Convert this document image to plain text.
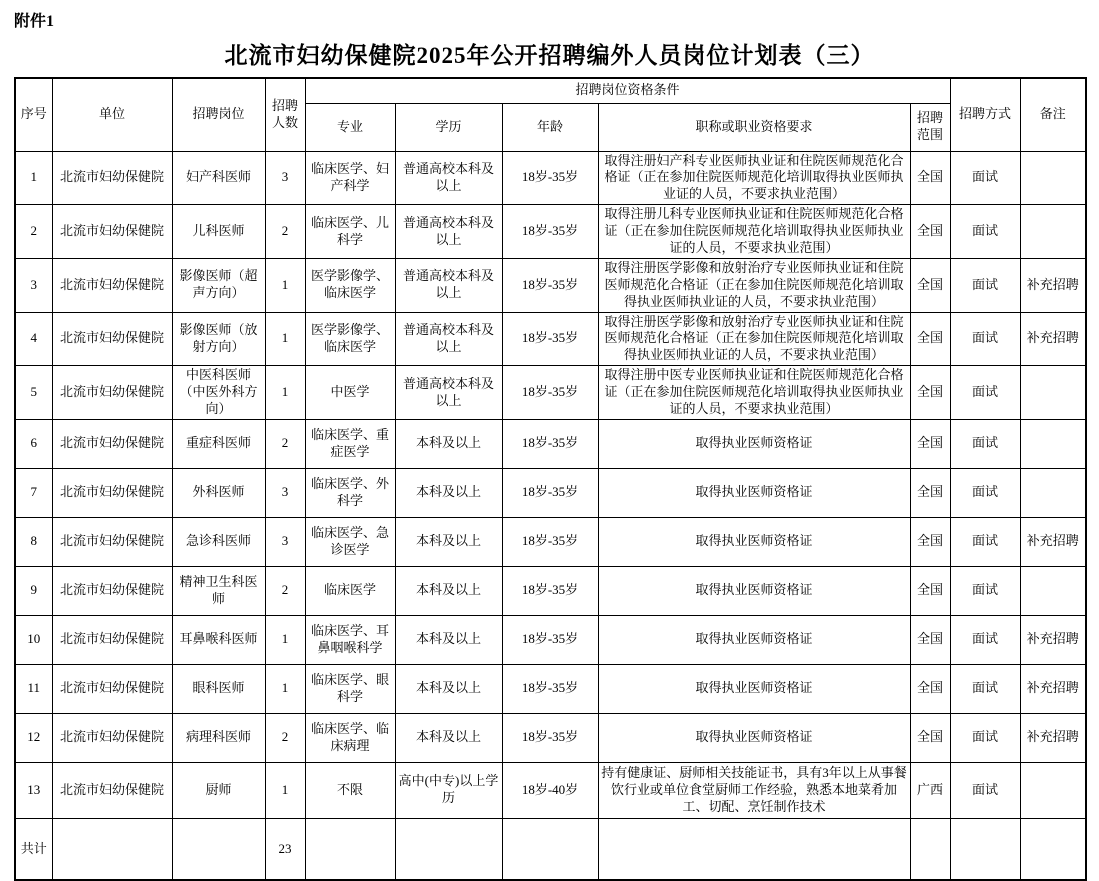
附件1
北流市妇幼保健院2025年公开招聘编外人员岗位计划表（三）
序号	单位	招聘岗位	招聘人数	招聘岗位资格条件					招聘方式	备注
				专业	学历	年龄	职称或职业资格要求	招聘范围		
1	北流市妇幼保健院	妇产科医师	3	临床医学、妇产科学	普通高校本科及以上	18岁-35岁	取得注册妇产科专业医师执业证和住院医师规范化合格证（正在参加住院医师规范化培训取得执业医师执业证的人员，不要求执业范围）	全国	面试	
2	北流市妇幼保健院	儿科医师	2	临床医学、儿科学	普通高校本科及以上	18岁-35岁	取得注册儿科专业医师执业证和住院医师规范化合格证（正在参加住院医师规范化培训取得执业医师执业证的人员，不要求执业范围）	全国	面试	
3	北流市妇幼保健院	影像医师（超声方向）	1	医学影像学、临床医学	普通高校本科及以上	18岁-35岁	取得注册医学影像和放射治疗专业医师执业证和住院医师规范化合格证（正在参加住院医师规范化培训取得执业医师执业证的人员，不要求执业范围）	全国	面试	补充招聘
4	北流市妇幼保健院	影像医师（放射方向）	1	医学影像学、临床医学	普通高校本科及以上	18岁-35岁	取得注册医学影像和放射治疗专业医师执业证和住院医师规范化合格证（正在参加住院医师规范化培训取得执业医师执业证的人员，不要求执业范围）	全国	面试	补充招聘
5	北流市妇幼保健院	中医科医师（中医外科方向）	1	中医学	普通高校本科及以上	18岁-35岁	取得注册中医专业医师执业证和住院医师规范化合格证（正在参加住院医师规范化培训取得执业医师执业证的人员，不要求执业范围）	全国	面试	
6	北流市妇幼保健院	重症科医师	2	临床医学、重症医学	本科及以上	18岁-35岁	取得执业医师资格证	全国	面试	
7	北流市妇幼保健院	外科医师	3	临床医学、外科学	本科及以上	18岁-35岁	取得执业医师资格证	全国	面试	
8	北流市妇幼保健院	急诊科医师	3	临床医学、急诊医学	本科及以上	18岁-35岁	取得执业医师资格证	全国	面试	补充招聘
9	北流市妇幼保健院	精神卫生科医师	2	临床医学	本科及以上	18岁-35岁	取得执业医师资格证	全国	面试	
10	北流市妇幼保健院	耳鼻喉科医师	1	临床医学、耳鼻咽喉科学	本科及以上	18岁-35岁	取得执业医师资格证	全国	面试	补充招聘
11	北流市妇幼保健院	眼科医师	1	临床医学、眼科学	本科及以上	18岁-35岁	取得执业医师资格证	全国	面试	补充招聘
12	北流市妇幼保健院	病理科医师	2	临床医学、临床病理	本科及以上	18岁-35岁	取得执业医师资格证	全国	面试	补充招聘
13	北流市妇幼保健院	厨师	1	不限	高中(中专)以上学历	18岁-40岁	持有健康证、厨师相关技能证书，具有3年以上从事餐饮行业或单位食堂厨师工作经验，熟悉本地菜肴加工、切配、烹饪制作技术	广西	面试	
共计			23							
